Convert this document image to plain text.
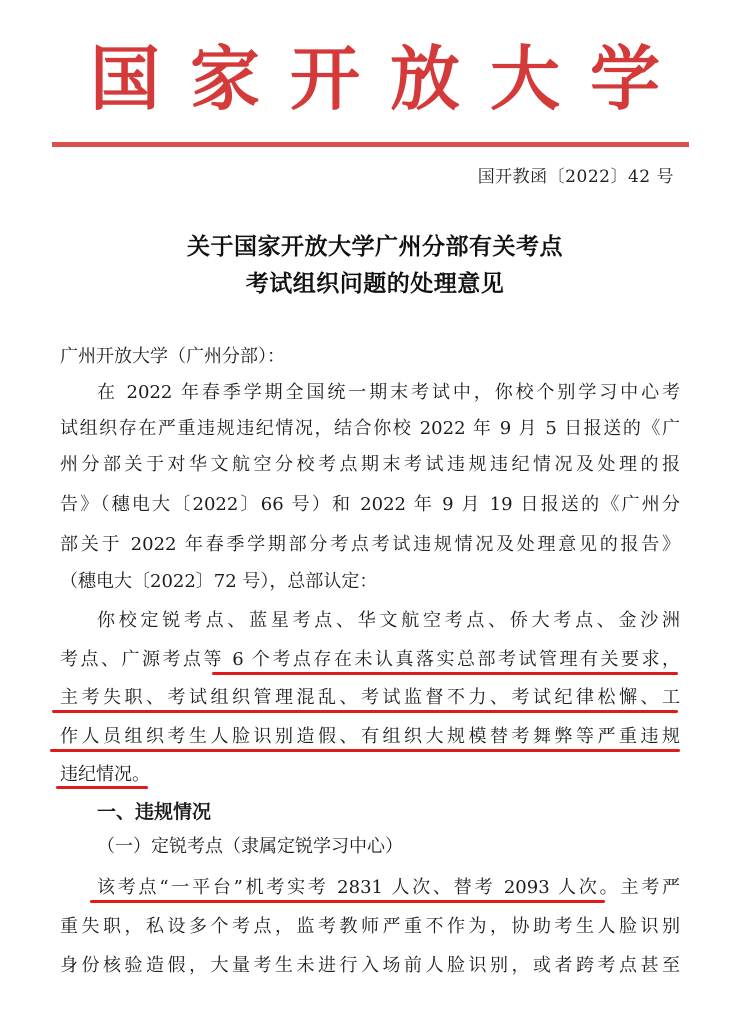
国家开放大学
国开教函〔2022〕42 号
关于国家开放大学广州分部有关考点
考试组织问题的处理意见
广州开放大学（广州分部）：
在 2022 年春季学期全国统一期末考试中，你校个别学习中心考
试组织存在严重违规违纪情况，结合你校 2022 年 9 月 5 日报送的《广
州分部关于对华文航空分校考点期末考试违规违纪情况及处理的报
告》（穗电大〔2022〕66 号）和 2022 年 9 月 19 日报送的《广州分
部关于 2022 年春季学期部分考点考试违规情况及处理意见的报告》
（穗电大〔2022〕72 号），总部认定：
你校定锐考点、蓝星考点、华文航空考点、侨大考点、金沙洲
考点、广源考点等 6 个考点存在未认真落实总部考试管理有关要求，
主考失职、考试组织管理混乱、考试监督不力、考试纪律松懈、工
作人员组织考生人脸识别造假、有组织大规模替考舞弊等严重违规
违纪情况。
一、违规情况
（一）定锐考点（隶属定锐学习中心）
该考点“一平台”机考实考 2831 人次、替考 2093 人次。主考严
重失职，私设多个考点，监考教师严重不作为，协助考生人脸识别
身份核验造假，大量考生未进行入场前人脸识别，或者跨考点甚至
